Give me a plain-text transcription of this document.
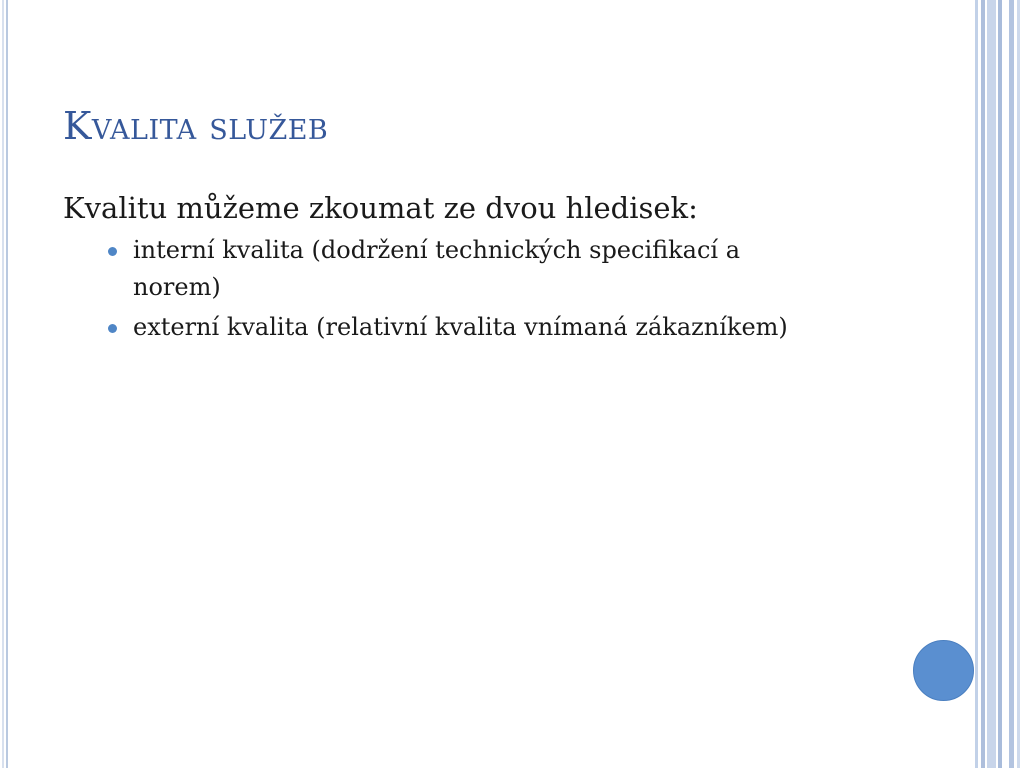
Kvalita služeb

Kvalitu můžeme zkoumat ze dvou hledisek:

interní kvalita (dodržení technických specifikací a norem)
externí kvalita (relativní kvalita vnímaná zákazníkem)
